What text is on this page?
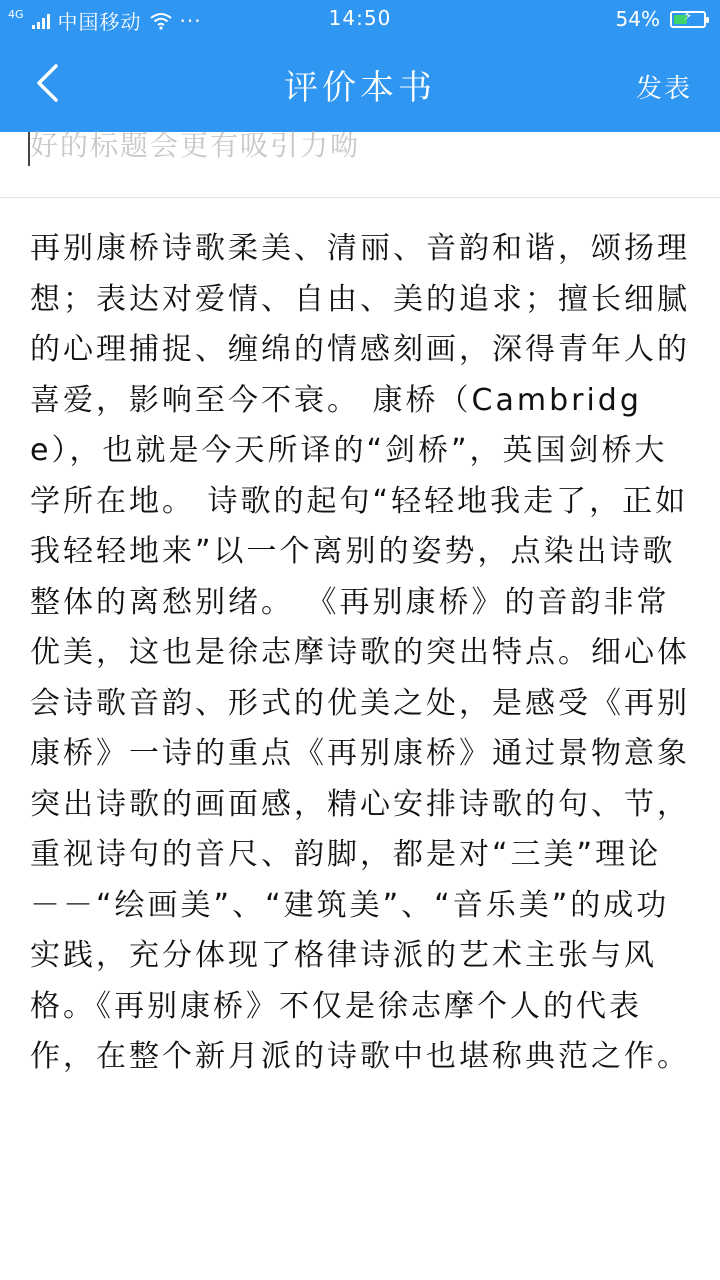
4G 中国移动 ···	14:50	54%	⚡
评价本书	发表
好的标题会更有吸引力呦
再别康桥诗歌柔美、清丽、音韵和谐，颂扬理想；表达对爱情、自由、美的追求；擅长细腻的心理捕捉、缠绵的情感刻画，深得青年人的喜爱，影响至今不衰。 康桥（Cambridge），也就是今天所译的“剑桥”，英国剑桥大学所在地。 诗歌的起句“轻轻地我走了，正如我轻轻地来”以一个离别的姿势，点染出诗歌整体的离愁别绪。 《再别康桥》的音韵非常优美，这也是徐志摩诗歌的突出特点。细心体会诗歌音韵、形式的优美之处，是感受《再别康桥》一诗的重点《再别康桥》通过景物意象突出诗歌的画面感，精心安排诗歌的句、节，重视诗句的音尺、韵脚，都是对“三美”理论－－“绘画美”、“建筑美”、“音乐美”的成功实践，充分体现了格律诗派的艺术主张与风格。《再别康桥》不仅是徐志摩个人的代表作，在整个新月派的诗歌中也堪称典范之作。
